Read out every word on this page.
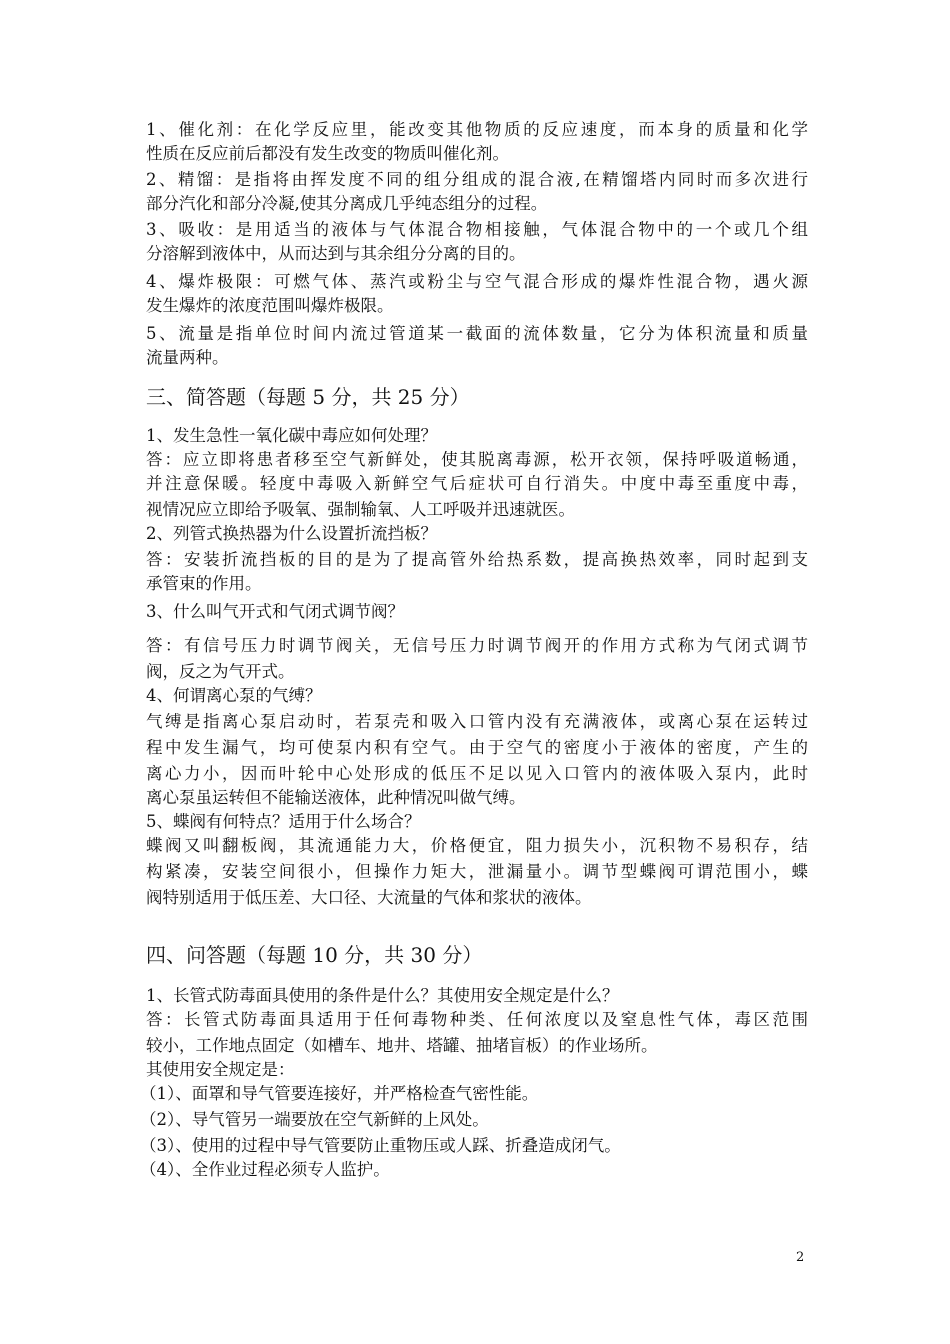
1、催化剂：在化学反应里，能改变其他物质的反应速度，而本身的质量和化学
性质在反应前后都没有发生改变的物质叫催化剂。
2、精馏：是指将由挥发度不同的组分组成的混合液,在精馏塔内同时而多次进行
部分汽化和部分冷凝,使其分离成几乎纯态组分的过程。
3、吸收：是用适当的液体与气体混合物相接触，气体混合物中的一个或几个组
分溶解到液体中，从而达到与其余组分分离的目的。
4、爆炸极限：可燃气体、蒸汽或粉尘与空气混合形成的爆炸性混合物，遇火源
发生爆炸的浓度范围叫爆炸极限。
5、流量是指单位时间内流过管道某一截面的流体数量，它分为体积流量和质量
流量两种。
三、简答题（每题 5 分，共 25 分）
1、发生急性一氧化碳中毒应如何处理？
答：应立即将患者移至空气新鲜处，使其脱离毒源，松开衣领，保持呼吸道畅通，
并注意保暖。轻度中毒吸入新鲜空气后症状可自行消失。中度中毒至重度中毒，
视情况应立即给予吸氧、强制输氧、人工呼吸并迅速就医。
2、列管式换热器为什么设置折流挡板？
答：安装折流挡板的目的是为了提高管外给热系数，提高换热效率，同时起到支
承管束的作用。
3、什么叫气开式和气闭式调节阀？
答：有信号压力时调节阀关，无信号压力时调节阀开的作用方式称为气闭式调节
阀，反之为气开式。
4、何谓离心泵的气缚？
气缚是指离心泵启动时，若泵壳和吸入口管内没有充满液体，或离心泵在运转过
程中发生漏气，均可使泵内积有空气。由于空气的密度小于液体的密度，产生的
离心力小，因而叶轮中心处形成的低压不足以见入口管内的液体吸入泵内，此时
离心泵虽运转但不能输送液体，此种情况叫做气缚。
5、蝶阀有何特点？适用于什么场合？
蝶阀又叫翻板阀，其流通能力大，价格便宜，阻力损失小，沉积物不易积存，结
构紧凑，安装空间很小，但操作力矩大，泄漏量小。调节型蝶阀可谓范围小，蝶
阀特别适用于低压差、大口径、大流量的气体和浆状的液体。
四、问答题（每题 10 分，共 30 分）
1、长管式防毒面具使用的条件是什么？其使用安全规定是什么？
答：长管式防毒面具适用于任何毒物种类、任何浓度以及窒息性气体，毒区范围
较小，工作地点固定（如槽车、地井、塔罐、抽堵盲板）的作业场所。
其使用安全规定是：
（1）、面罩和导气管要连接好，并严格检查气密性能。
（2）、导气管另一端要放在空气新鲜的上风处。
（3）、使用的过程中导气管要防止重物压或人踩、折叠造成闭气。
（4）、全作业过程必须专人监护。
2
